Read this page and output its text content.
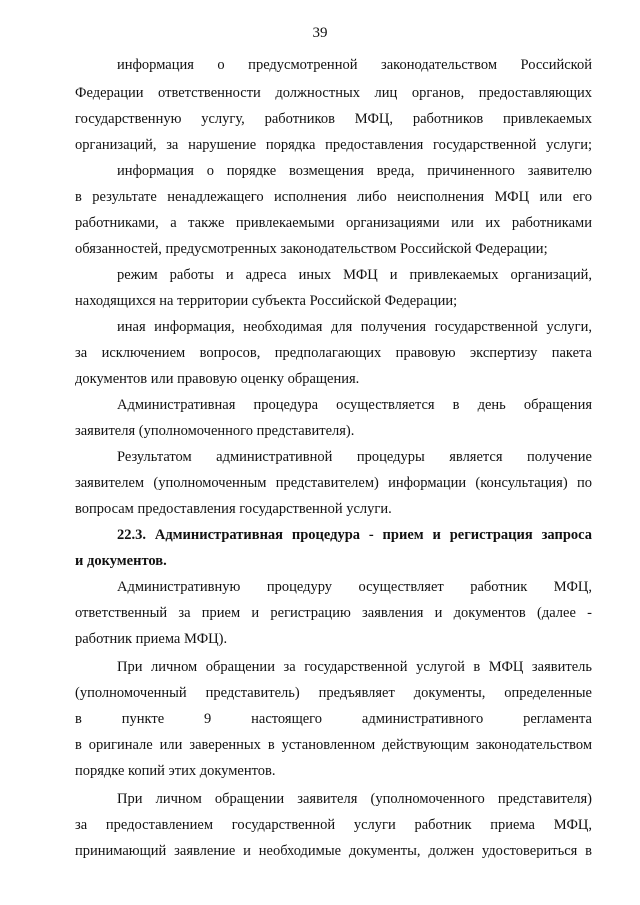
39

информация о предусмотренной законодательством Российской

Федерации ответственности должностных лиц органов, предоставляющих

государственную услугу, работников МФЦ, работников привлекаемых

организаций, за нарушение порядка предоставления государственной услуги;

информация о порядке возмещения вреда, причиненного заявителю

в результате ненадлежащего исполнения либо неисполнения МФЦ или его

работниками, а также привлекаемыми организациями или их работниками

обязанностей, предусмотренных законодательством Российской Федерации;

режим работы и адреса иных МФЦ и привлекаемых организаций,

находящихся на территории субъекта Российской Федерации;

иная информация, необходимая для получения государственной услуги,

за исключением вопросов, предполагающих правовую экспертизу пакета

документов или правовую оценку обращения.

Административная процедура осуществляется в день обращения

заявителя (уполномоченного представителя).

Результатом административной процедуры является получение

заявителем (уполномоченным представителем) информации (консультация) по

вопросам предоставления государственной услуги.

22.3. Административная процедура - прием и регистрация запроса

и документов.

Административную процедуру осуществляет работник МФЦ,

ответственный за прием и регистрацию заявления и документов (далее -

работник приема МФЦ).

При личном обращении за государственной услугой в МФЦ заявитель

(уполномоченный представитель) предъявляет документы, определенные

в пункте 9 настоящего административного регламента

в оригинале или заверенных в установленном действующим законодательством

порядке копий этих документов.

При личном обращении заявителя (уполномоченного представителя)

за предоставлением государственной услуги работник приема МФЦ,

принимающий заявление и необходимые документы, должен удостовериться в
